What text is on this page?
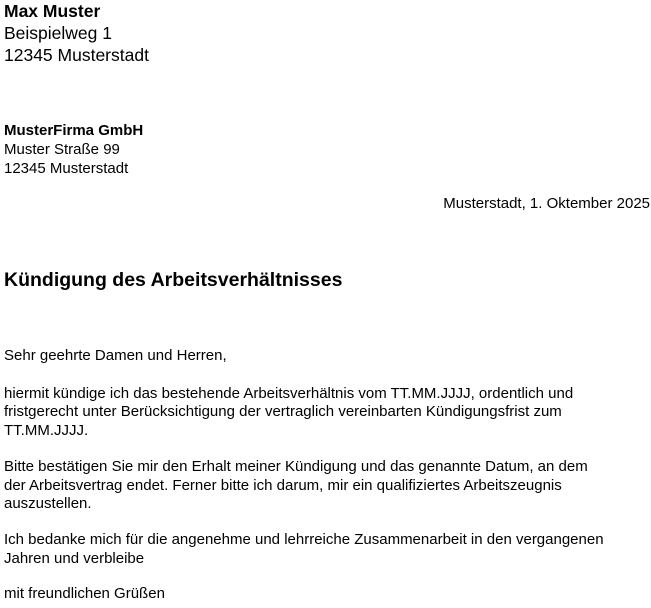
Max Muster
Beispielweg 1
12345 Musterstadt
MusterFirma GmbH
Muster Straße 99
12345 Musterstadt
Musterstadt, 1. Oktember 2025
Kündigung des Arbeitsverhältnisses

Sehr geehrte Damen und Herren,

hiermit kündige ich das bestehende Arbeitsverhältnis vom TT.MM.JJJJ, ordentlich und
fristgerecht unter Berücksichtigung der vertraglich vereinbarten Kündigungsfrist zum
TT.MM.JJJJ.

Bitte bestätigen Sie mir den Erhalt meiner Kündigung und das genannte Datum, an dem
der Arbeitsvertrag endet. Ferner bitte ich darum, mir ein qualifiziertes Arbeitszeugnis
auszustellen.

Ich bedanke mich für die angenehme und lehrreiche Zusammenarbeit in den vergangenen
Jahren und verbleibe

mit freundlichen Grüßen
